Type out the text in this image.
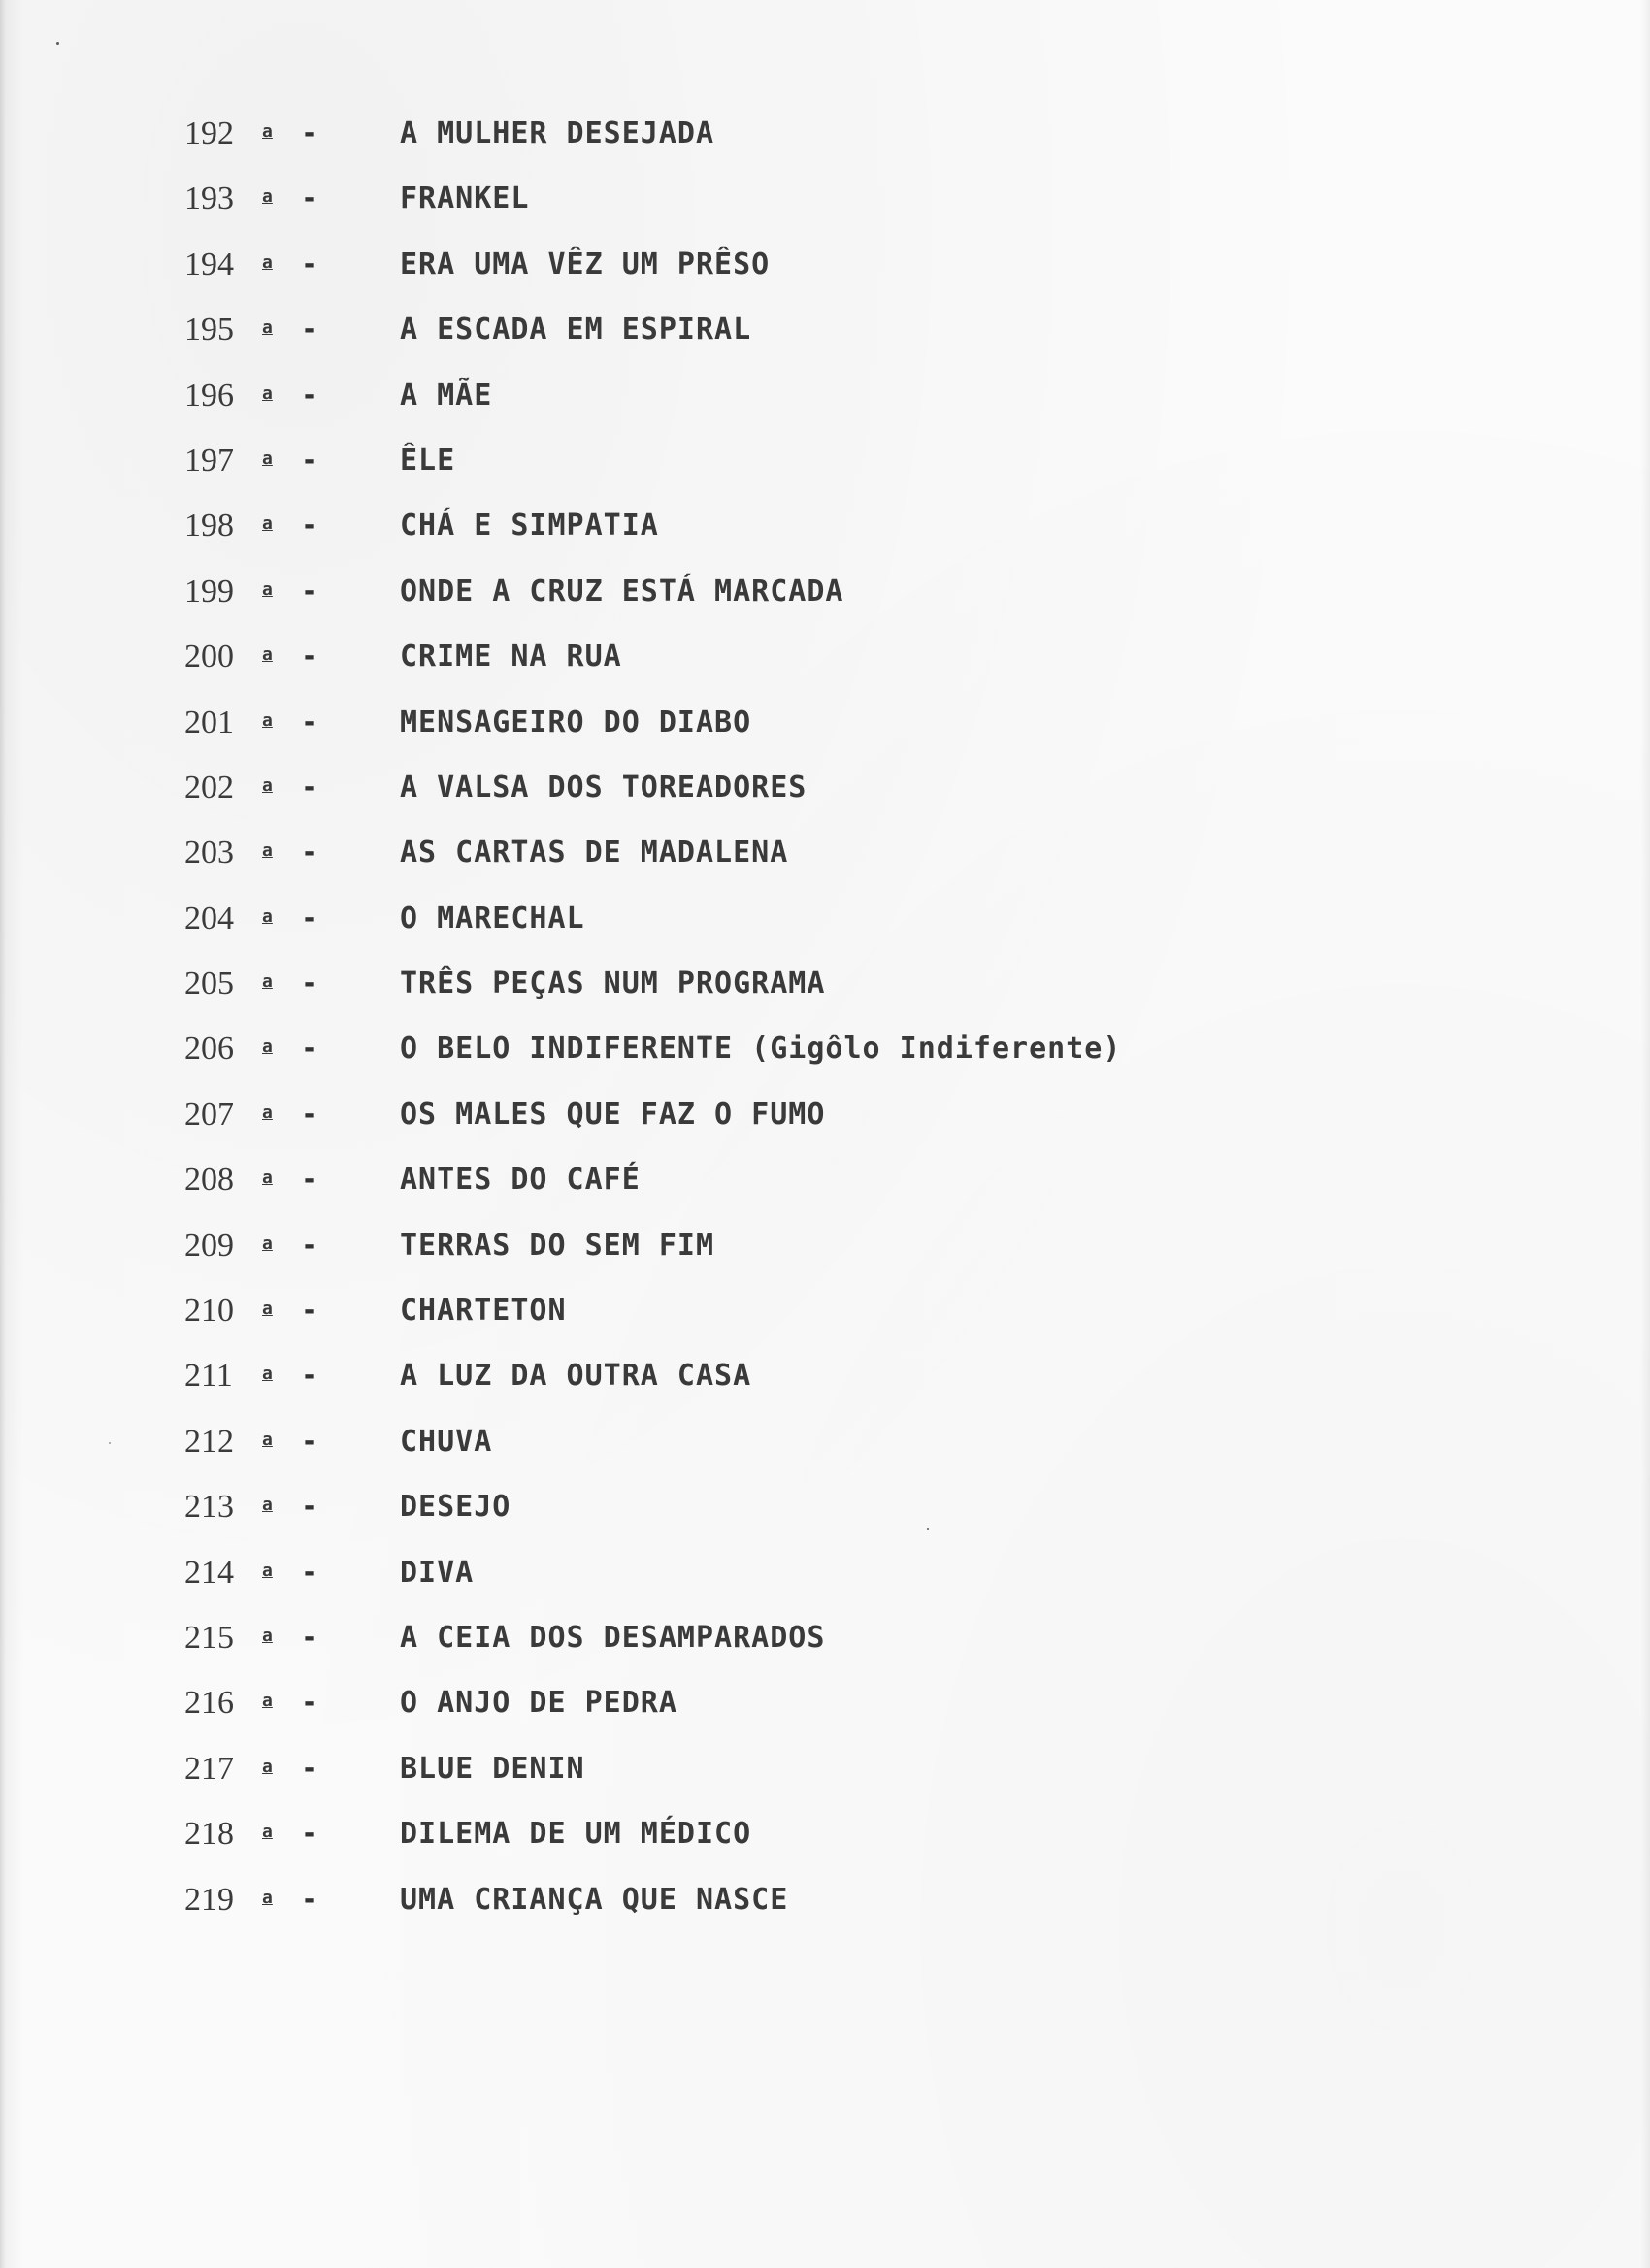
192	a -	A MULHER DESEJADA
193	a -	FRANKEL
194	a -	ERA UMA VÊZ UM PRÊSO
195	a -	A ESCADA EM ESPIRAL
196	a -	A MÃE
197	a -	ÊLE
198	a -	CHÁ E SIMPATIA
199	a -	ONDE A CRUZ ESTÁ MARCADA
200	a -	CRIME NA RUA
201	a -	MENSAGEIRO DO DIABO
202	a -	A VALSA DOS TOREADORES
203	a -	AS CARTAS DE MADALENA
204	a -	O MARECHAL
205	a -	TRÊS PEÇAS NUM PROGRAMA
206	a -	O BELO INDIFERENTE (Gigôlo Indiferente)
207	a -	OS MALES QUE FAZ O FUMO
208	a -	ANTES DO CAFÉ
209	a -	TERRAS DO SEM FIM
210	a -	CHARTETON
211	a -	A LUZ DA OUTRA CASA
212	a -	CHUVA
213	a -	DESEJO
214	a -	DIVA
215	a -	A CEIA DOS DESAMPARADOS
216	a -	O ANJO DE PEDRA
217	a -	BLUE DENIN
218	a -	DILEMA DE UM MÉDICO
219	a -	UMA CRIANÇA QUE NASCE
